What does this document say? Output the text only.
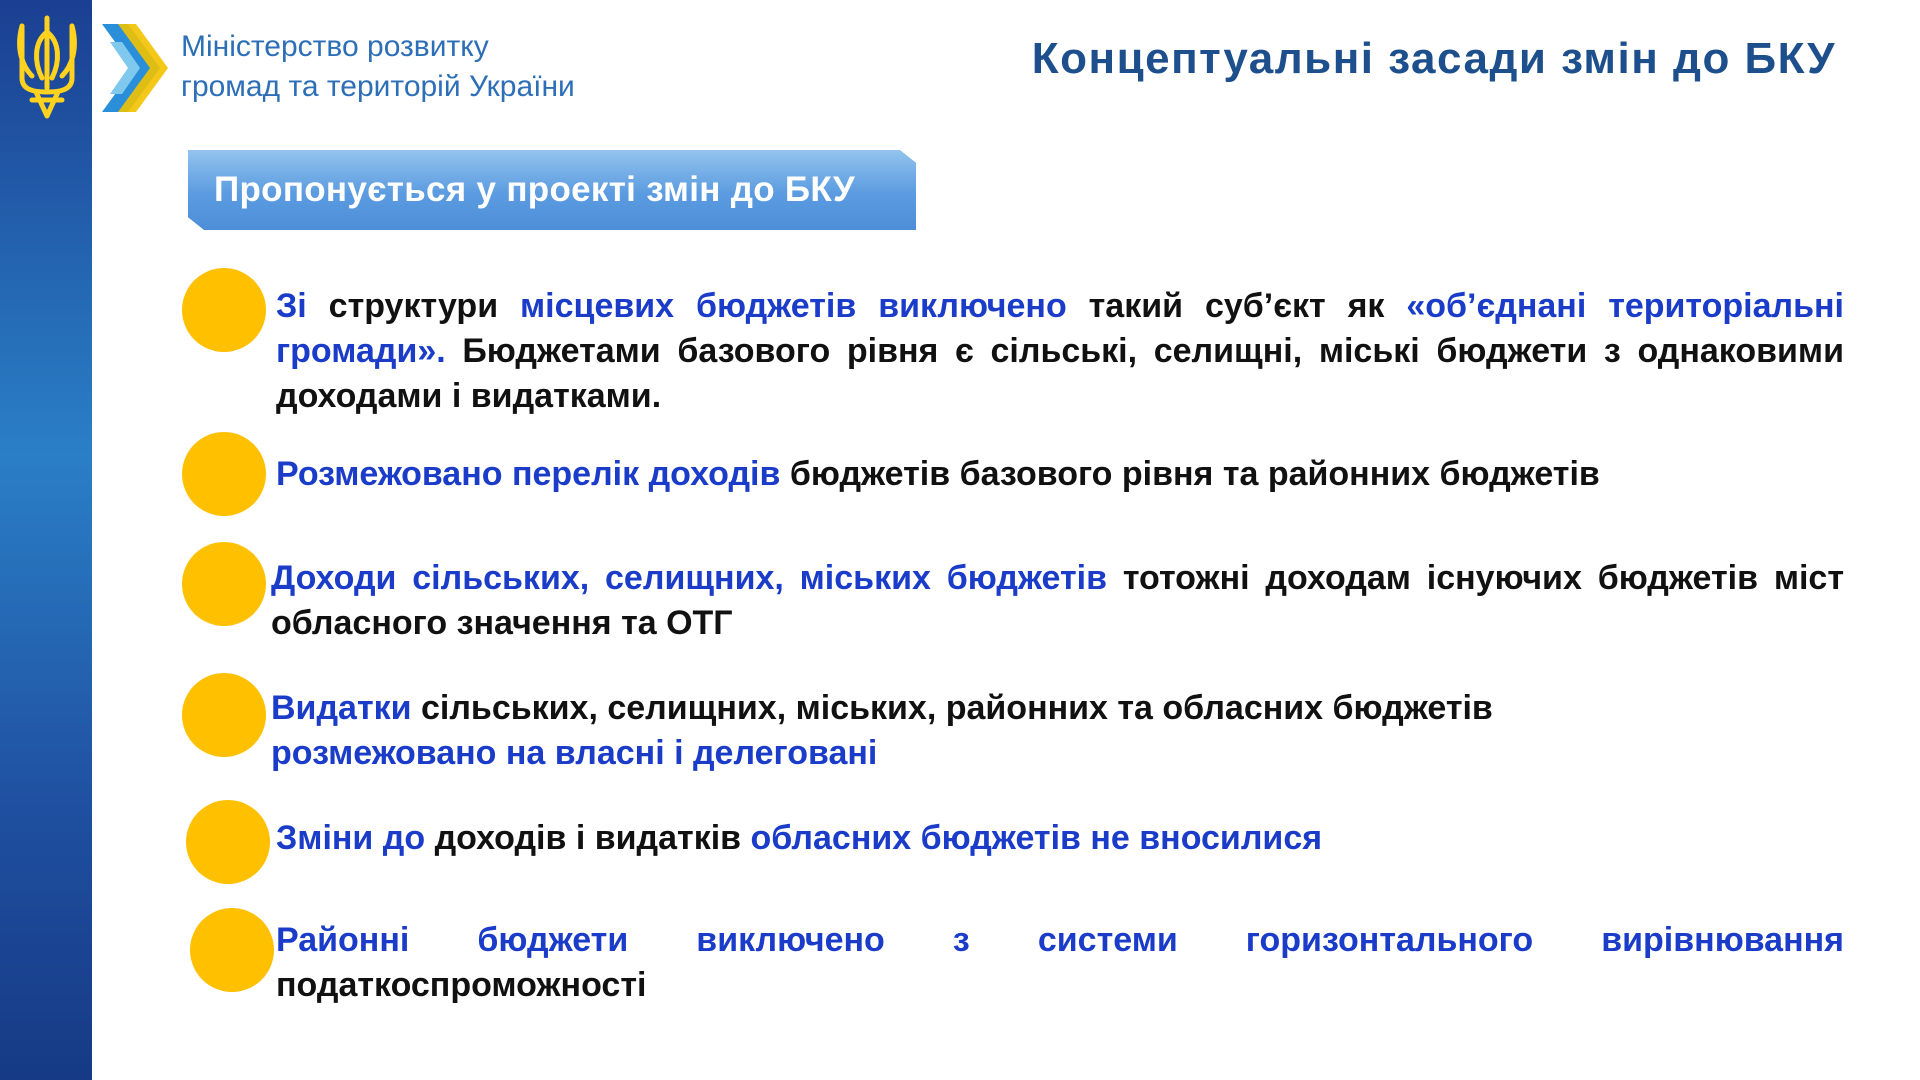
Міністерство розвитку
громад та територій України
Концептуальні засади змін до БКУ
Пропонується у проекті змін до БКУ
Зі структури місцевих бюджетів виключено такий суб’єкт як «об’єднані територіальні громади». Бюджетами базового рівня є сільські, селищні, міські бюджети з однаковими доходами і видатками.
Розмежовано перелік доходів бюджетів базового рівня та районних бюджетів
Доходи сільських, селищних, міських бюджетів тотожні доходам існуючих бюджетів міст обласного значення та ОТГ
Видатки сільських, селищних, міських, районних та обласних бюджетів
розмежовано на власні і делеговані
Зміни до доходів і видатків обласних бюджетів не вносилися
Районні бюджети виключено з системи горизонтального вирівнювання
податкоспроможності
